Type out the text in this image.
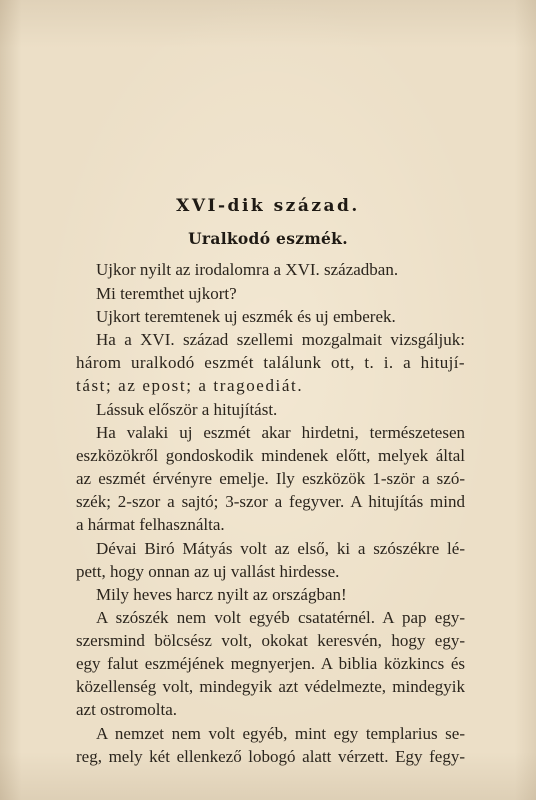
XVI-dik század.
Uralkodó eszmék.
Ujkor nyilt az irodalomra a XVI. században.
Mi teremthet ujkort?
Ujkort teremtenek uj eszmék és uj emberek.
Ha a XVI. század szellemi mozgalmait vizsgáljuk:
három uralkodó eszmét találunk ott, t. i. a hitují-
tást; az epost; a tragoediát.
Lássuk először a hitujítást.
Ha valaki uj eszmét akar hirdetni, természetesen
eszközökről gondoskodik mindenek előtt, melyek által
az eszmét érvényre emelje. Ily eszközök 1-ször a szó-
szék; 2-szor a sajtó; 3-szor a fegyver. A hitujítás mind
a hármat felhasználta.
Dévai Biró Mátyás volt az első, ki a szószékre lé-
pett, hogy onnan az uj vallást hirdesse.
Mily heves harcz nyilt az országban!
A szószék nem volt egyéb csatatérnél. A pap egy-
szersmind bölcsész volt, okokat keresvén, hogy egy-
egy falut eszméjének megnyerjen. A biblia közkincs és
közellenség volt, mindegyik azt védelmezte, mindegyik
azt ostromolta.
A nemzet nem volt egyéb, mint egy templarius se-
reg, mely két ellenkező lobogó alatt vérzett. Egy fegy-
